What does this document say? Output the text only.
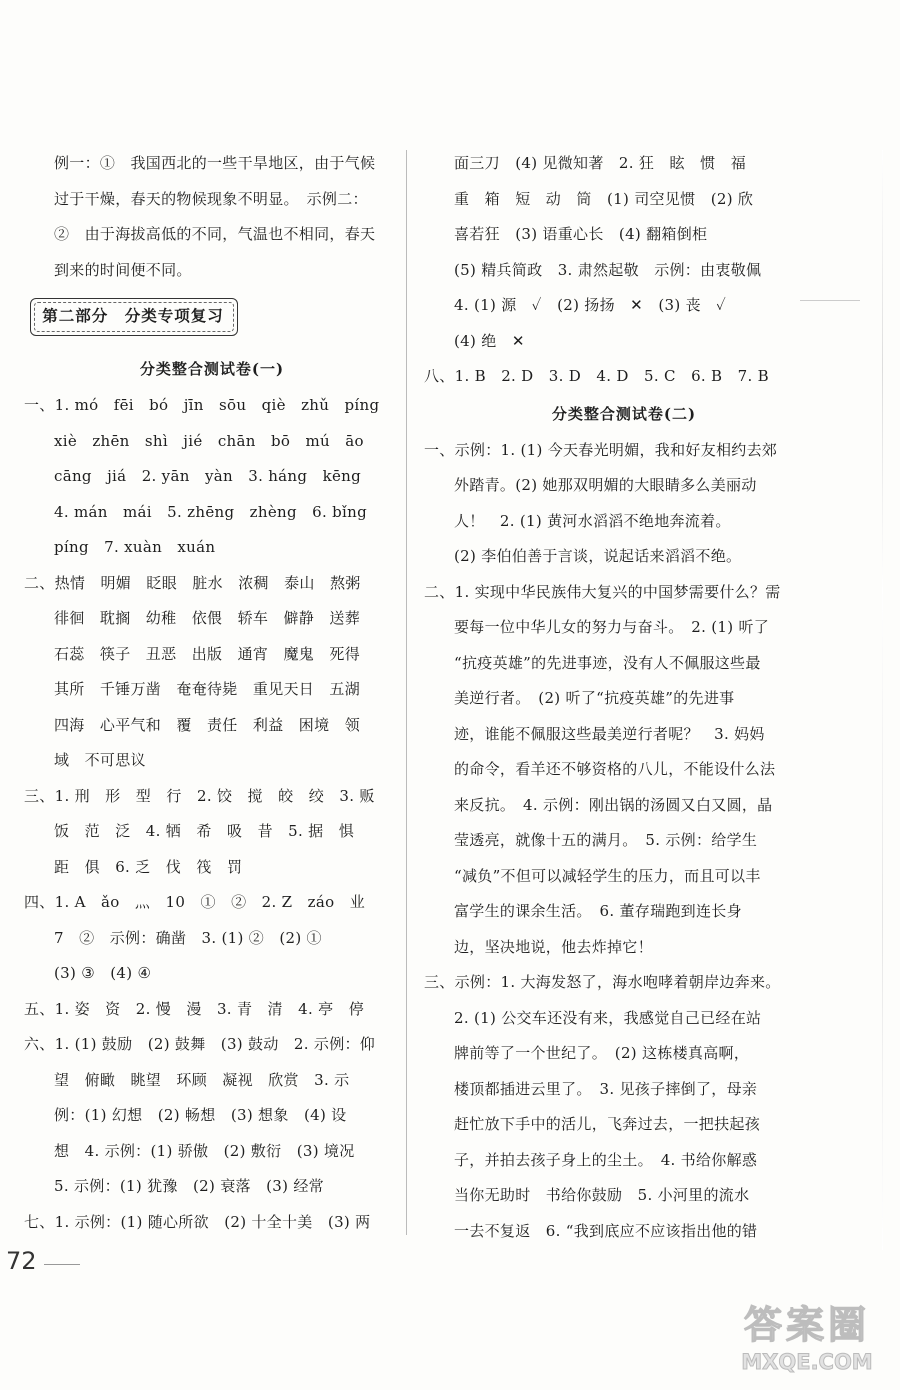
例一：①　我国西北的一些干旱地区，由于气候
过于干燥，春天的物候现象不明显。　示例二：
②　由于海拔高低的不同，气温也不相同，春天
到来的时间便不同。
第二部分　分类专项复习
分类整合测试卷(一)
一、1. mó　fēi　bó　jīn　sōu　qiè　zhǔ　píng
xiè　zhēn　shì　jié　chān　bō　mú　āo
cāng　jiá　2. yān　yàn　3. háng　kēng
4. mán　mái　5. zhēng　zhèng　6. bǐng
píng　7. xuàn　xuán
二、热情　明媚　眨眼　脏水　浓稠　泰山　熬粥
徘徊　耽搁　幼稚　依偎　轿车　僻静　送葬
石蕊　筷子　丑恶　出版　通宵　魔鬼　死得
其所　千锤万凿　奄奄待毙　重见天日　五湖
四海　心平气和　覆　责任　利益　困境　领
域　不可思议
三、1. 刑　形　型　行　2. 饺　搅　皎　绞　3. 贩
饭　范　泛　4. 牺　希　吸　昔　5. 据　惧
距　俱　6. 乏　伐　筏　罚
四、1. A　ǎo　灬　10　①　②　2. Z　záo　业
7　②　示例：确凿　3. (1) ②　(2) ①
(3) ③　(4) ④
五、1. 姿　资　2. 慢　漫　3. 青　清　4. 亭　停
六、1. (1) 鼓励　(2) 鼓舞　(3) 鼓动　2. 示例：仰
望　俯瞰　眺望　环顾　凝视　欣赏　3. 示
例：(1) 幻想　(2) 畅想　(3) 想象　(4) 设
想　4. 示例：(1) 骄傲　(2) 敷衍　(3) 境况
5. 示例：(1) 犹豫　(2) 衰落　(3) 经常
七、1. 示例：(1) 随心所欲　(2) 十全十美　(3) 两
面三刀　(4) 见微知著　2. 狂　眩　惯　福
重　箱　短　动　筒　(1) 司空见惯　(2) 欣
喜若狂　(3) 语重心长　(4) 翻箱倒柜
(5) 精兵简政　3. 肃然起敬　示例：由衷敬佩
4. (1) 源　✓　(2) 扬扬　✕　(3) 丧　✓
(4) 绝　✕
八、1. B　2. D　3. D　4. D　5. C　6. B　7. B
分类整合测试卷(二)
一、示例：1. (1) 今天春光明媚，我和好友相约去郊
外踏青。(2) 她那双明媚的大眼睛多么美丽动
人！　2. (1) 黄河水滔滔不绝地奔流着。
(2) 李伯伯善于言谈，说起话来滔滔不绝。
二、1. 实现中华民族伟大复兴的中国梦需要什么？需
要每一位中华儿女的努力与奋斗。　2. (1) 听了
“抗疫英雄”的先进事迹，没有人不佩服这些最
美逆行者。　(2) 听了“抗疫英雄”的先进事
迹，谁能不佩服这些最美逆行者呢？　3. 妈妈
的命令，看羊还不够资格的八儿，不能设什么法
来反抗。　4. 示例：刚出锅的汤圆又白又圆，晶
莹透亮，就像十五的满月。　5. 示例：给学生
“减负”不但可以减轻学生的压力，而且可以丰
富学生的课余生活。　6. 董存瑞跑到连长身
边，坚决地说，他去炸掉它！
三、示例：1. 大海发怒了，海水咆哮着朝岸边奔来。
2. (1) 公交车还没有来，我感觉自己已经在站
牌前等了一个世纪了。　(2) 这栋楼真高啊，
楼顶都插进云里了。　3. 见孩子摔倒了，母亲
赶忙放下手中的活儿，飞奔过去，一把扶起孩
子，并拍去孩子身上的尘土。　4. 书给你解惑
当你无助时　书给你鼓励　5. 小河里的流水
一去不复返　6. “我到底应不应该指出他的错
72
答案圈
MXQE.COM
